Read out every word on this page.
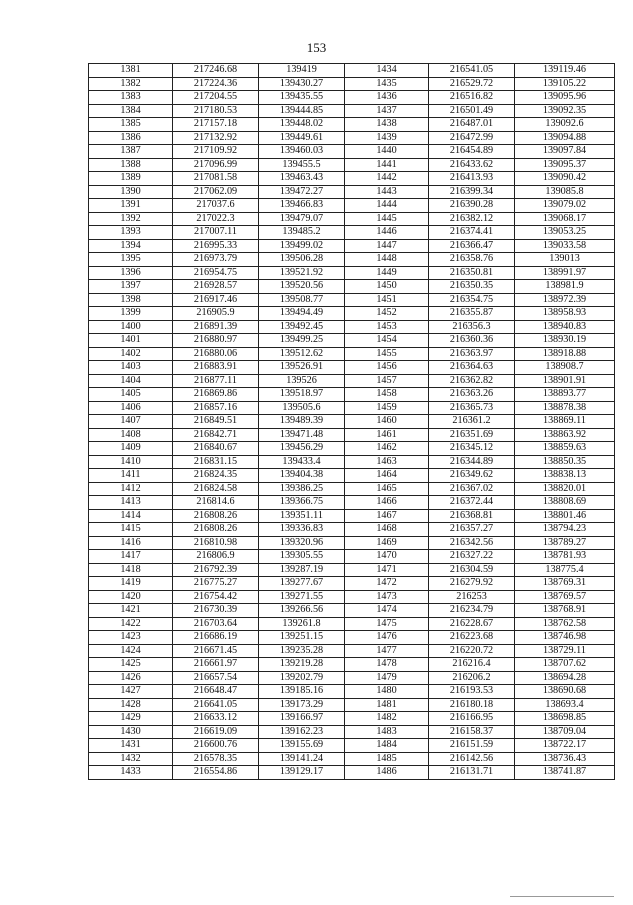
153
1381	217246.68	139419	1434	216541.05	139119.46
1382	217224.36	139430.27	1435	216529.72	139105.22
1383	217204.55	139435.55	1436	216516.82	139095.96
1384	217180.53	139444.85	1437	216501.49	139092.35
1385	217157.18	139448.02	1438	216487.01	139092.6
1386	217132.92	139449.61	1439	216472.99	139094.88
1387	217109.92	139460.03	1440	216454.89	139097.84
1388	217096.99	139455.5	1441	216433.62	139095.37
1389	217081.58	139463.43	1442	216413.93	139090.42
1390	217062.09	139472.27	1443	216399.34	139085.8
1391	217037.6	139466.83	1444	216390.28	139079.02
1392	217022.3	139479.07	1445	216382.12	139068.17
1393	217007.11	139485.2	1446	216374.41	139053.25
1394	216995.33	139499.02	1447	216366.47	139033.58
1395	216973.79	139506.28	1448	216358.76	139013
1396	216954.75	139521.92	1449	216350.81	138991.97
1397	216928.57	139520.56	1450	216350.35	138981.9
1398	216917.46	139508.77	1451	216354.75	138972.39
1399	216905.9	139494.49	1452	216355.87	138958.93
1400	216891.39	139492.45	1453	216356.3	138940.83
1401	216880.97	139499.25	1454	216360.36	138930.19
1402	216880.06	139512.62	1455	216363.97	138918.88
1403	216883.91	139526.91	1456	216364.63	138908.7
1404	216877.11	139526	1457	216362.82	138901.91
1405	216869.86	139518.97	1458	216363.26	138893.77
1406	216857.16	139505.6	1459	216365.73	138878.38
1407	216849.51	139489.39	1460	216361.2	138869.11
1408	216842.71	139471.48	1461	216351.69	138863.92
1409	216840.67	139456.29	1462	216345.12	138859.63
1410	216831.15	139433.4	1463	216344.89	138850.35
1411	216824.35	139404.38	1464	216349.62	138838.13
1412	216824.58	139386.25	1465	216367.02	138820.01
1413	216814.6	139366.75	1466	216372.44	138808.69
1414	216808.26	139351.11	1467	216368.81	138801.46
1415	216808.26	139336.83	1468	216357.27	138794.23
1416	216810.98	139320.96	1469	216342.56	138789.27
1417	216806.9	139305.55	1470	216327.22	138781.93
1418	216792.39	139287.19	1471	216304.59	138775.4
1419	216775.27	139277.67	1472	216279.92	138769.31
1420	216754.42	139271.55	1473	216253	138769.57
1421	216730.39	139266.56	1474	216234.79	138768.91
1422	216703.64	139261.8	1475	216228.67	138762.58
1423	216686.19	139251.15	1476	216223.68	138746.98
1424	216671.45	139235.28	1477	216220.72	138729.11
1425	216661.97	139219.28	1478	216216.4	138707.62
1426	216657.54	139202.79	1479	216206.2	138694.28
1427	216648.47	139185.16	1480	216193.53	138690.68
1428	216641.05	139173.29	1481	216180.18	138693.4
1429	216633.12	139166.97	1482	216166.95	138698.85
1430	216619.09	139162.23	1483	216158.37	138709.04
1431	216600.76	139155.69	1484	216151.59	138722.17
1432	216578.35	139141.24	1485	216142.56	138736.43
1433	216554.86	139129.17	1486	216131.71	138741.87
